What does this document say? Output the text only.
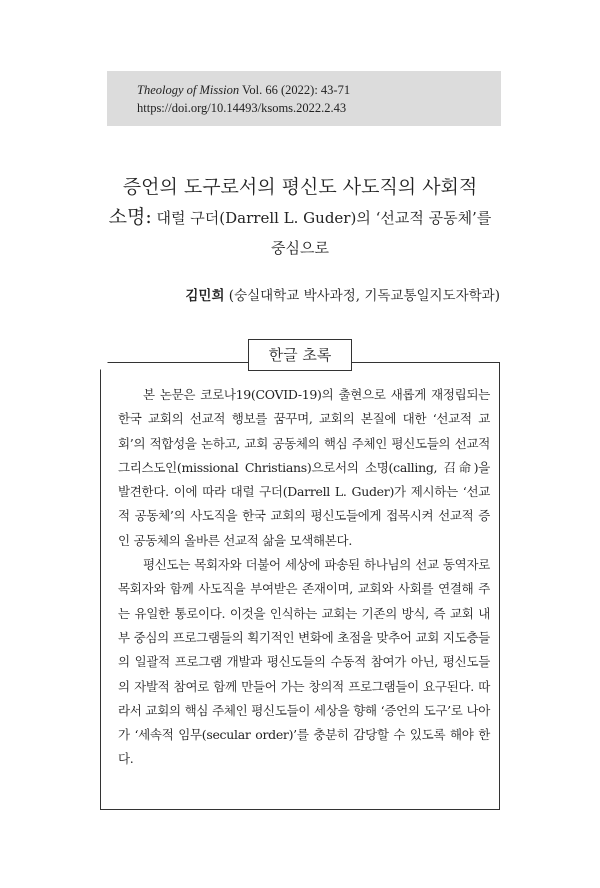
Theology of Mission Vol. 66 (2022): 43-71
https://doi.org/10.14493/ksoms.2022.2.43
증언의 도구로서의 평신도 사도직의 사회적
소명: 대럴 구더(Darrell L. Guder)의 ‘선교적 공동체’를
중심으로
김민희 (숭실대학교 박사과정, 기독교통일지도자학과)
한글 초록

본 논문은 코로나19(COVID-19)의 출현으로 새롭게 재정립되는 한국 교회의 선교적 행보를 꿈꾸며, 교회의 본질에 대한 ‘선교적 교회’의 적합성을 논하고, 교회 공동체의 핵심 주체인 평신도들의 선교적 그리스도인(missional Christians)으로서의 소명(calling, 召命)을 발견한다. 이에 따라 대럴 구더(Darrell L. Guder)가 제시하는 ‘선교적 공동체’의 사도직을 한국 교회의 평신도들에게 접목시켜 선교적 증인 공동체의 올바른 선교적 삶을 모색해본다.

평신도는 목회자와 더불어 세상에 파송된 하나님의 선교 동역자로 목회자와 함께 사도직을 부여받은 존재이며, 교회와 사회를 연결해 주는 유일한 통로이다. 이것을 인식하는 교회는 기존의 방식, 즉 교회 내부 중심의 프로그램들의 획기적인 변화에 초점을 맞추어 교회 지도층들의 일괄적 프로그램 개발과 평신도들의 수동적 참여가 아닌, 평신도들의 자발적 참여로 함께 만들어 가는 창의적 프로그램들이 요구된다. 따라서 교회의 핵심 주체인 평신도들이 세상을 향해 ‘증언의 도구’로 나아가 ‘세속적 임무(secular order)’를 충분히 감당할 수 있도록 해야 한다.
